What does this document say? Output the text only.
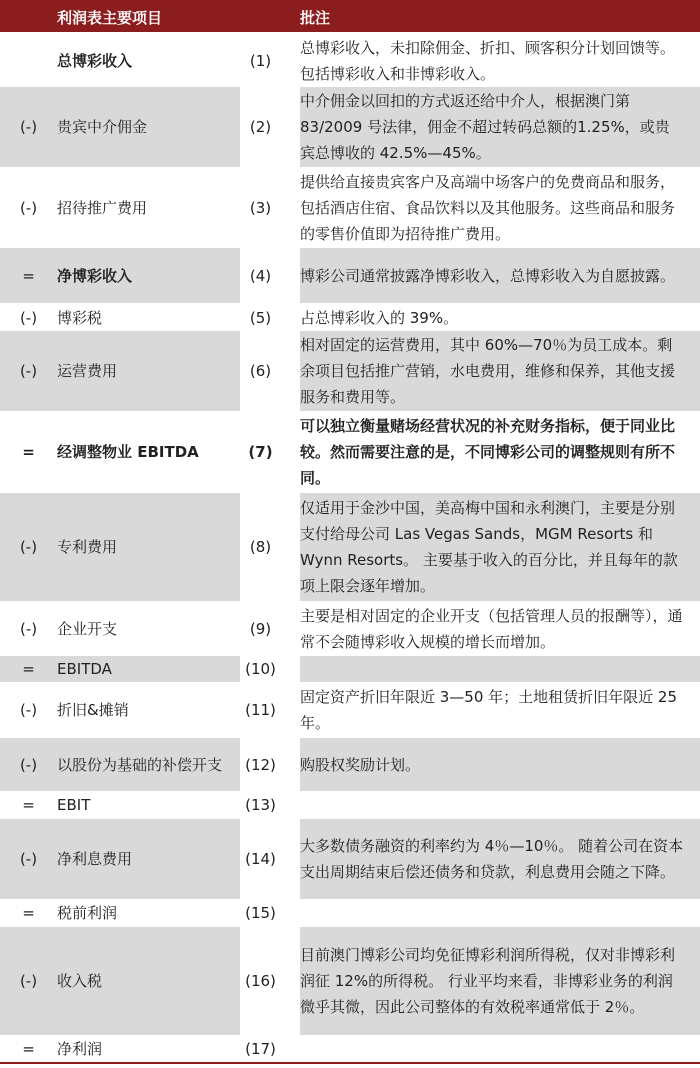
利润表主要项目	批注
总博彩收入	(1)
总博彩收入，未扣除佣金、折扣、顾客积分计划回馈等。包括博彩收入和非博彩收入。
(-)	贵宾中介佣金	(2)
中介佣金以回扣的方式返还给中介人，根据澳门第 83/2009 号法律，佣金不超过转码总额的1.25%，或贵宾总博收的 42.5%—45%。
(-)	招待推广费用	(3)
提供给直接贵宾客户及高端中场客户的免费商品和服务，包括酒店住宿、食品饮料以及其他服务。这些商品和服务的零售价值即为招待推广费用。
=	净博彩收入	(4)	博彩公司通常披露净博彩收入，总博彩收入为自愿披露。
(-)	博彩税	(5)	占总博彩收入的 39%。
(-)	运营费用	(6)
相对固定的运营费用，其中 60%—70％为员工成本。剩余项目包括推广营销，水电费用，维修和保养，其他支援服务和费用等。
=	经调整物业 EBITDA	(7)
可以独立衡量赌场经营状况的补充财务指标，便于同业比较。然而需要注意的是，不同博彩公司的调整规则有所不同。
(-)	专利费用	(8)
仅适用于金沙中国，美高梅中国和永利澳门，主要是分别支付给母公司 Las Vegas Sands，MGM Resorts 和 Wynn Resorts。 主要基于收入的百分比，并且每年的款项上限会逐年增加。
(-)	企业开支	(9)
主要是相对固定的企业开支（包括管理人员的报酬等），通常不会随博彩收入规模的增长而增加。
=	EBITDA	(10)
(-)	折旧&摊销	(11)
固定资产折旧年限近 3—50 年；土地租赁折旧年限近 25 年。
(-)	以股份为基础的补偿开支	(12)	购股权奖励计划。
=	EBIT	(13)
(-)	净利息费用	(14)
大多数债务融资的利率约为 4％—10％。 随着公司在资本支出周期结束后偿还债务和贷款，利息费用会随之下降。
=	税前利润	(15)
(-)	收入税	(16)
目前澳门博彩公司均免征博彩利润所得税，仅对非博彩利润征 12%的所得税。 行业平均来看，非博彩业务的利润微乎其微，因此公司整体的有效税率通常低于 2％。
=	净利润	(17)
